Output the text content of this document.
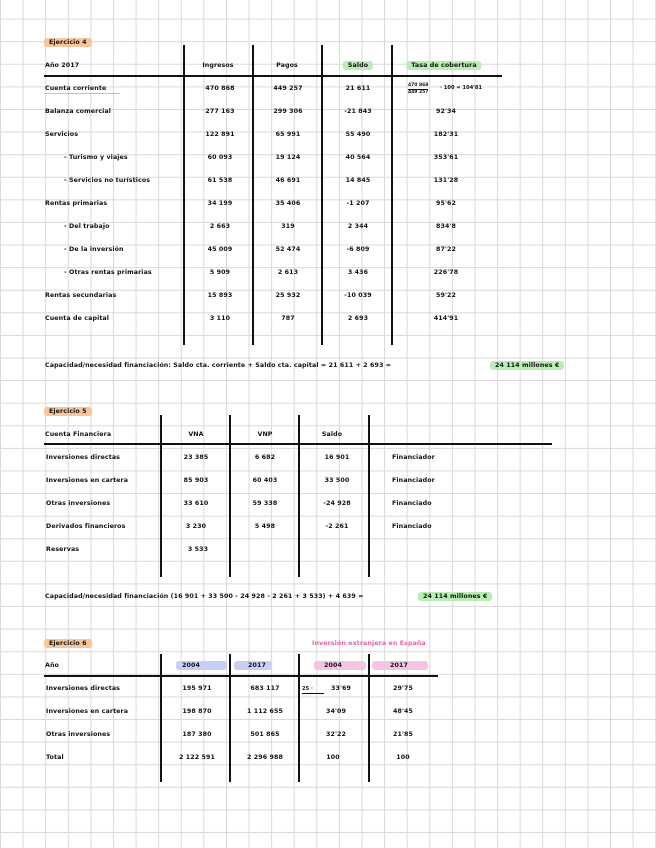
Ejercicio 4
Año 2017	Ingresos	Pagos	Saldo	Tasa de cobertura
Cuenta corriente	470 868	449 257	21 611	$\frac{470 868}{449 257} \cdot 100 = 104'81$
Balanza comercial	277 163	299 306	-21 843	92'34
Servicios	122 891	65 991	55 490	182'31
- Turismo y viajes	60 093	19 124	40 564	353'61
- Servicios no turísticos	61 538	46 691	14 845	131'28
Rentas primarias	34 199	35 406	-1 207	95'62
- Del trabajo	2 663	319	2 344	834'8
- De la inversión	45 009	52 474	-6 809	87'22
- Otras rentas primarias	5 909	2 613	3 436	226'78
Rentas secundarias	15 893	25 932	-10 039	59'22
Cuenta de capital	3 110	787	2 693	414'91
Capacidad/necesidad financiación: Saldo cta. corriente + Saldo cta. capital = 21 611 + 2 693 =	24 114 millones €
Ejercicio 5
Cuenta Financiera	VNA	VNP	Saldo
Inversiones directas	23 385	6 682	16 901	Financiador
Inversiones en cartera	85 903	60 403	33 500	Financiador
Otras inversiones	33 610	59 338	-24 928	Financiado
Derivados financieros	3 230	5 498	-2 261	Financiado
Reservas	3 533
Capacidad/necesidad financiación (16 901 + 33 500 - 24 928 - 2 261 + 3 533) + 4 639 =	24 114 millones €
Ejercicio 6	Inversión extranjera en España
Año	2004	2017	2004	2017
Inversiones directas	195 971	683 117	25 ·	33'69	29'75
Inversiones en cartera	198 870	1 112 655	34'09	48'45
Otras inversiones	187 380	501 865	32'22	21'85
Total	2 122 591	2 296 988	100	100
